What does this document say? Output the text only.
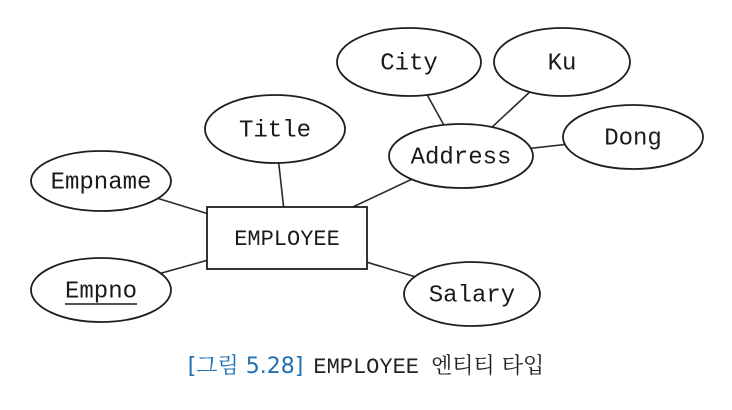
EMPLOYEE
Title
Empname
Empno	Salary
Address
City	Ku
Dong
[그림 5.28] EMPLOYEE 엔티티 타입
